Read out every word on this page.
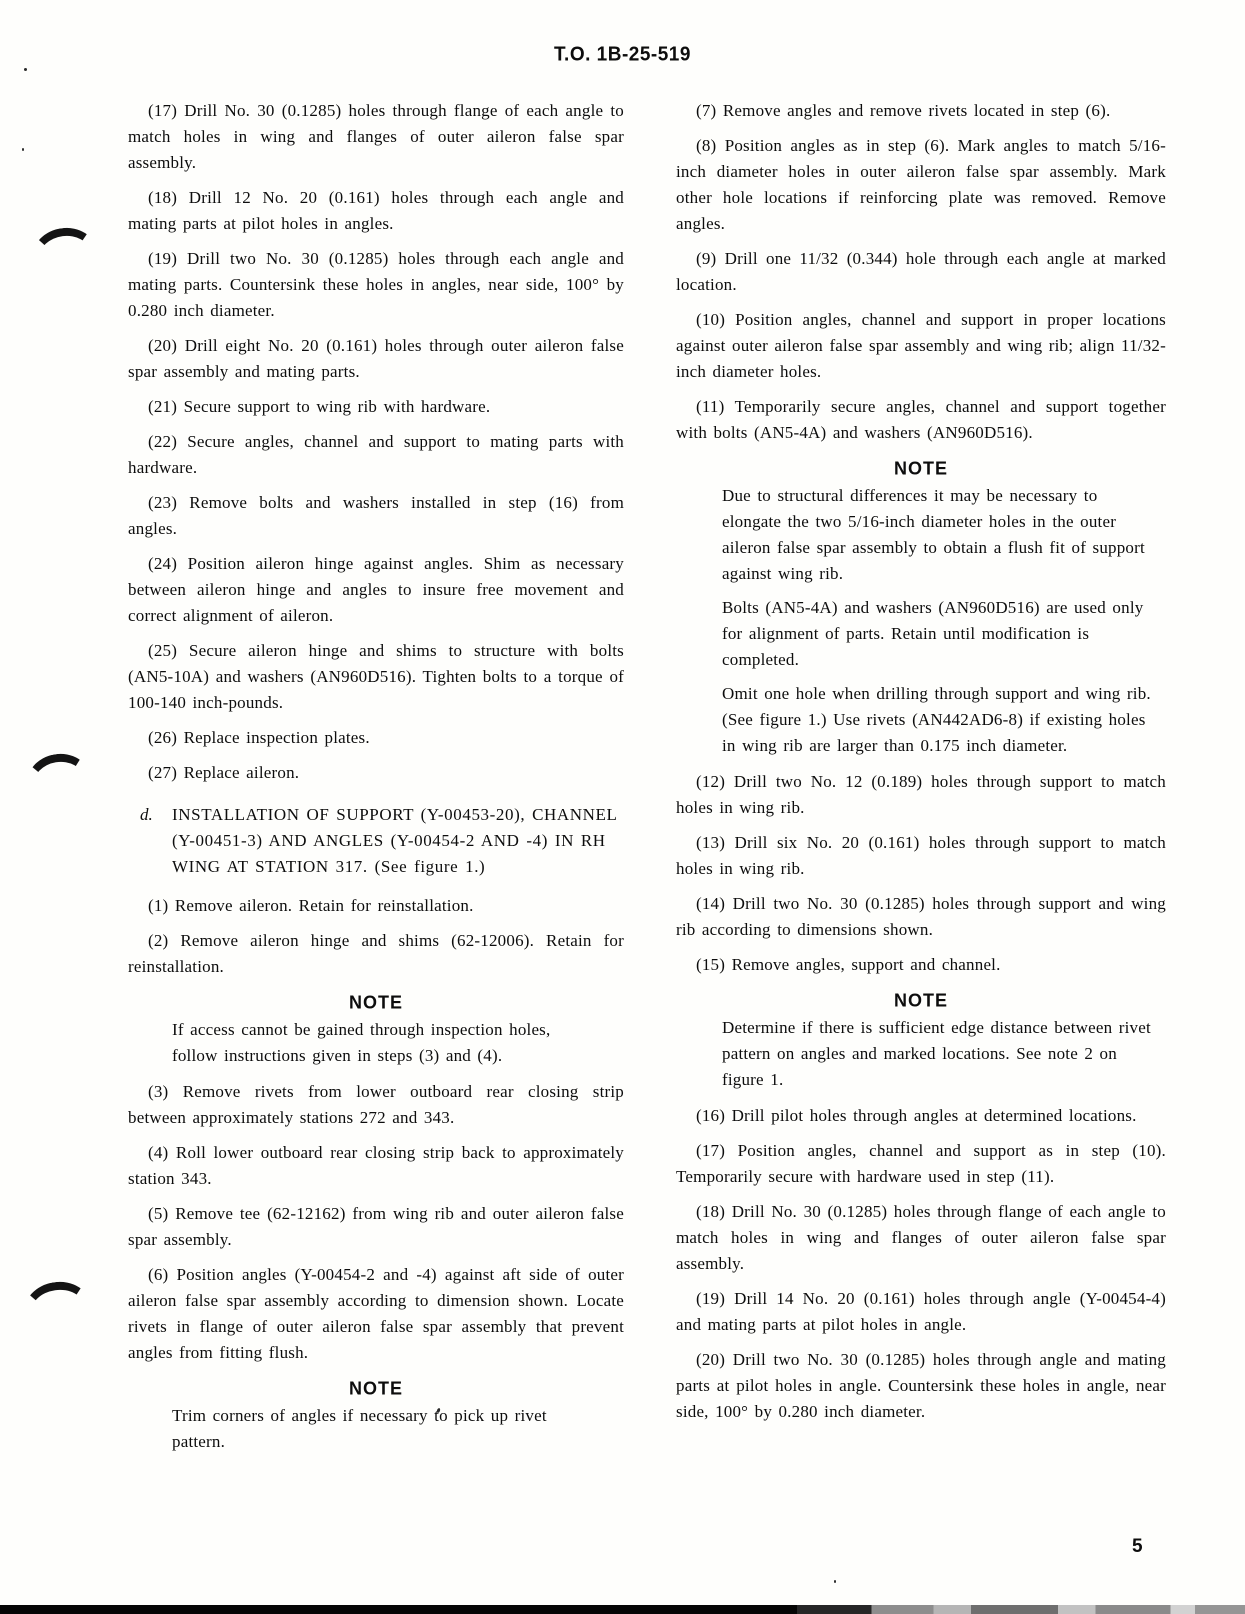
T.O. 1B-25-519

(17) Drill No. 30 (0.1285) holes through flange of each angle to match holes in wing and flanges of outer aileron false spar assembly.

(18) Drill 12 No. 20 (0.161) holes through each angle and mating parts at pilot holes in angles.

(19) Drill two No. 30 (0.1285) holes through each angle and mating parts. Countersink these holes in angles, near side, 100° by 0.280 inch diameter.

(20) Drill eight No. 20 (0.161) holes through outer aileron false spar assembly and mating parts.

(21) Secure support to wing rib with hardware.

(22) Secure angles, channel and support to mating parts with hardware.

(23) Remove bolts and washers installed in step (16) from angles.

(24) Position aileron hinge against angles. Shim as necessary between aileron hinge and angles to insure free movement and correct alignment of aileron.

(25) Secure aileron hinge and shims to structure with bolts (AN5-10A) and washers (AN960D516). Tighten bolts to a torque of 100-140 inch-pounds.

(26) Replace inspection plates.

(27) Replace aileron.

d. INSTALLATION OF SUPPORT (Y-00453-20), CHANNEL (Y-00451-3) AND ANGLES (Y-00454-2 AND -4) IN RH WING AT STATION 317. (See figure 1.)

(1) Remove aileron. Retain for reinstallation.

(2) Remove aileron hinge and shims (62-12006). Retain for reinstallation.

NOTE

If access cannot be gained through inspection holes, follow instructions given in steps (3) and (4).

(3) Remove rivets from lower outboard rear closing strip between approximately stations 272 and 343.

(4) Roll lower outboard rear closing strip back to approximately station 343.

(5) Remove tee (62-12162) from wing rib and outer aileron false spar assembly.

(6) Position angles (Y-00454-2 and -4) against aft side of outer aileron false spar assembly according to dimension shown. Locate rivets in flange of outer aileron false spar assembly that prevent angles from fitting flush.

NOTE

Trim corners of angles if necessary to pick up rivet pattern.

(7) Remove angles and remove rivets located in step (6).

(8) Position angles as in step (6). Mark angles to match 5/16-inch diameter holes in outer aileron false spar assembly. Mark other hole locations if reinforcing plate was removed. Remove angles.

(9) Drill one 11/32 (0.344) hole through each angle at marked location.

(10) Position angles, channel and support in proper locations against outer aileron false spar assembly and wing rib; align 11/32-inch diameter holes.

(11) Temporarily secure angles, channel and support together with bolts (AN5-4A) and washers (AN960D516).

NOTE

Due to structural differences it may be necessary to elongate the two 5/16-inch diameter holes in the outer aileron false spar assembly to obtain a flush fit of support against wing rib.

Bolts (AN5-4A) and washers (AN960D516) are used only for alignment of parts. Retain until modification is completed.

Omit one hole when drilling through support and wing rib. (See figure 1.) Use rivets (AN442AD6-8) if existing holes in wing rib are larger than 0.175 inch diameter.

(12) Drill two No. 12 (0.189) holes through support to match holes in wing rib.

(13) Drill six No. 20 (0.161) holes through support to match holes in wing rib.

(14) Drill two No. 30 (0.1285) holes through support and wing rib according to dimensions shown.

(15) Remove angles, support and channel.

NOTE

Determine if there is sufficient edge distance between rivet pattern on angles and marked locations. See note 2 on figure 1.

(16) Drill pilot holes through angles at determined locations.

(17) Position angles, channel and support as in step (10). Temporarily secure with hardware used in step (11).

(18) Drill No. 30 (0.1285) holes through flange of each angle to match holes in wing and flanges of outer aileron false spar assembly.

(19) Drill 14 No. 20 (0.161) holes through angle (Y-00454-4) and mating parts at pilot holes in angle.

(20) Drill two No. 30 (0.1285) holes through angle and mating parts at pilot holes in angle. Countersink these holes in angle, near side, 100° by 0.280 inch diameter.

5
